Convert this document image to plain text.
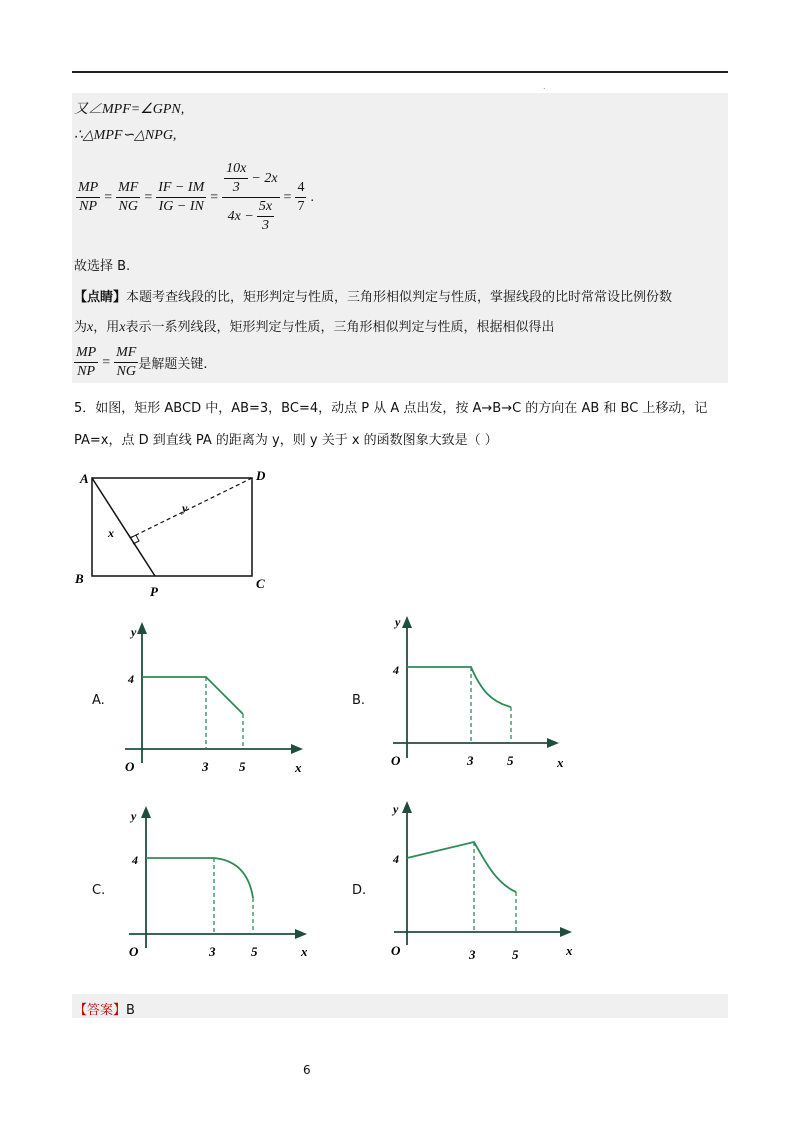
.
又∠MPF=∠GPN,
∴△MPF∽△NPG,
$\frac{MP}{NP} = \frac{MF}{NG} = \frac{IF - IM}{IG - IN} = \frac{\frac{10x}{3} - 2x}{4x - \frac{5x}{3}} = \frac{4}{7}$ .
故选择 B.
【点睛】本题考查线段的比，矩形判定与性质，三角形相似判定与性质，掌握线段的比时常常设比例份数
为x，用x表示一系列线段，矩形判定与性质，三角形相似判定与性质，根据相似得出
$\frac{MP}{NP} = \frac{MF}{NG}$ 是解题关键.
5．如图，矩形 ABCD 中，AB=3，BC=4，动点 P 从 A 点出发，按 A→B→C 的方向在 AB 和 BC 上移动，记
PA=x，点 D 到直线 PA 的距离为 y，则 y 关于 x 的函数图象大致是（ ）
A	D
B	C
P
x
y
A.
y
4
O	3 5	x
B.
y
4
O	3	5	x
C.
y
4
O	3	5	x
D.
y
4
O	3	5	x
【答案】B
6
